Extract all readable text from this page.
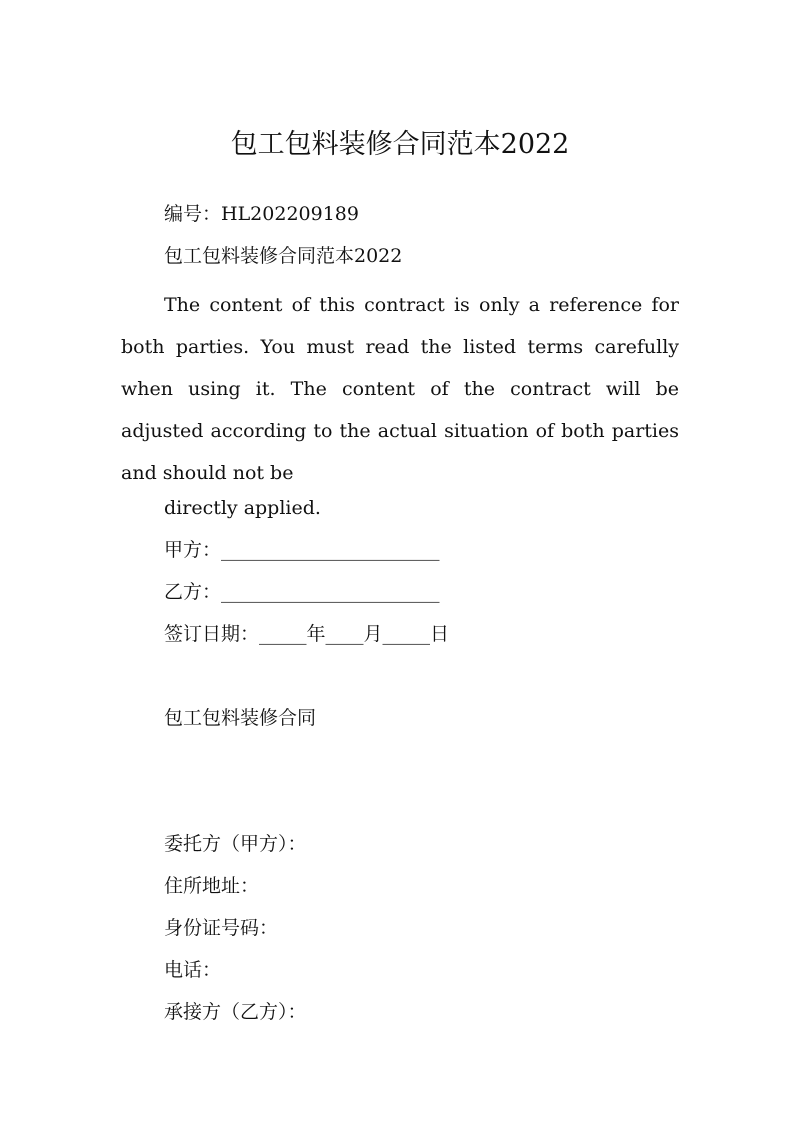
包工包料装修合同范本2022
编号：HL202209189
包工包料装修合同范本2022

The content of this contract is only a reference for both parties. You must read the listed terms carefully when using it. The content of the contract will be adjusted according to the actual situation of both parties and should not be

directly applied.
甲方：_______________________
乙方：_______________________
签订日期：_____年____月_____日
包工包料装修合同
委托方（甲方）：
住所地址：
身份证号码：
电话：
承接方（乙方）：
